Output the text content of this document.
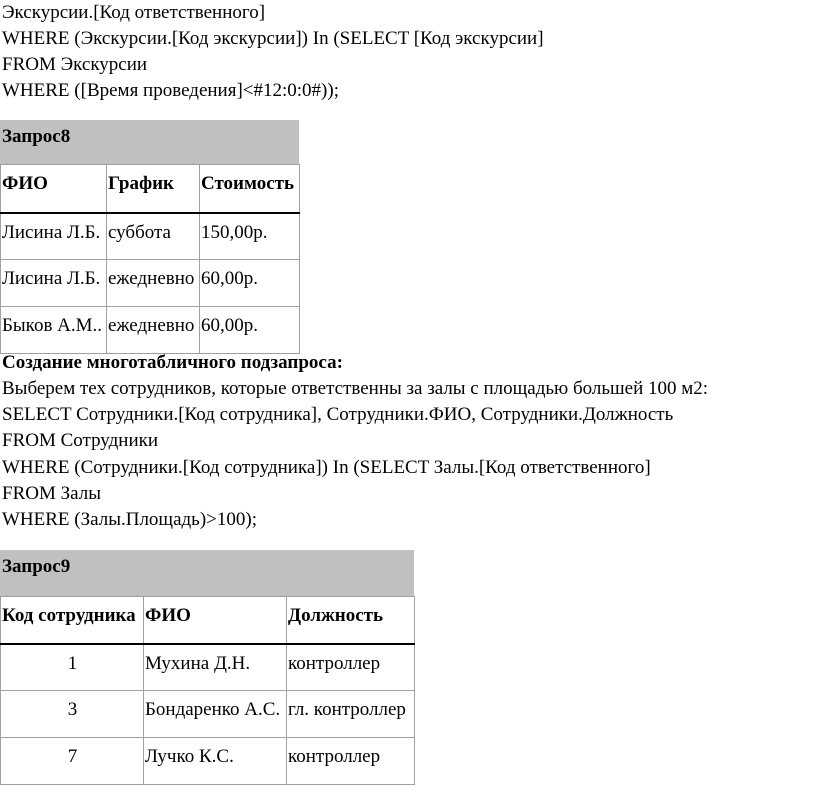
Экскурсии.[Код ответственного]
WHERE (Экскурсии.[Код экскурсии]) In (SELECT [Код экскурсии]
FROM Экскурсии
WHERE ([Время проведения]<#12:0:0#));
Запрос8
ФИО	График	Стоимость
Лисина Л.Б.	суббота	150,00р.
Лисина Л.Б.	ежедневно	60,00р.
Быков А.М..	ежедневно	60,00р.
Создание многотабличного подзапроса:
Выберем тех сотрудников, которые ответственны за залы с площадью большей 100 м2:
SELECT Сотрудники.[Код сотрудника], Сотрудники.ФИО, Сотрудники.Должность
FROM Сотрудники
WHERE (Сотрудники.[Код сотрудника]) In (SELECT Залы.[Код ответственного]
FROM Залы
WHERE (Залы.Площадь)>100);
Запрос9
Код сотрудника	ФИО	Должность
1	Мухина Д.Н.	контроллер
3	Бондаренко А.С.	гл. контроллер
7	Лучко К.С.	контроллер
